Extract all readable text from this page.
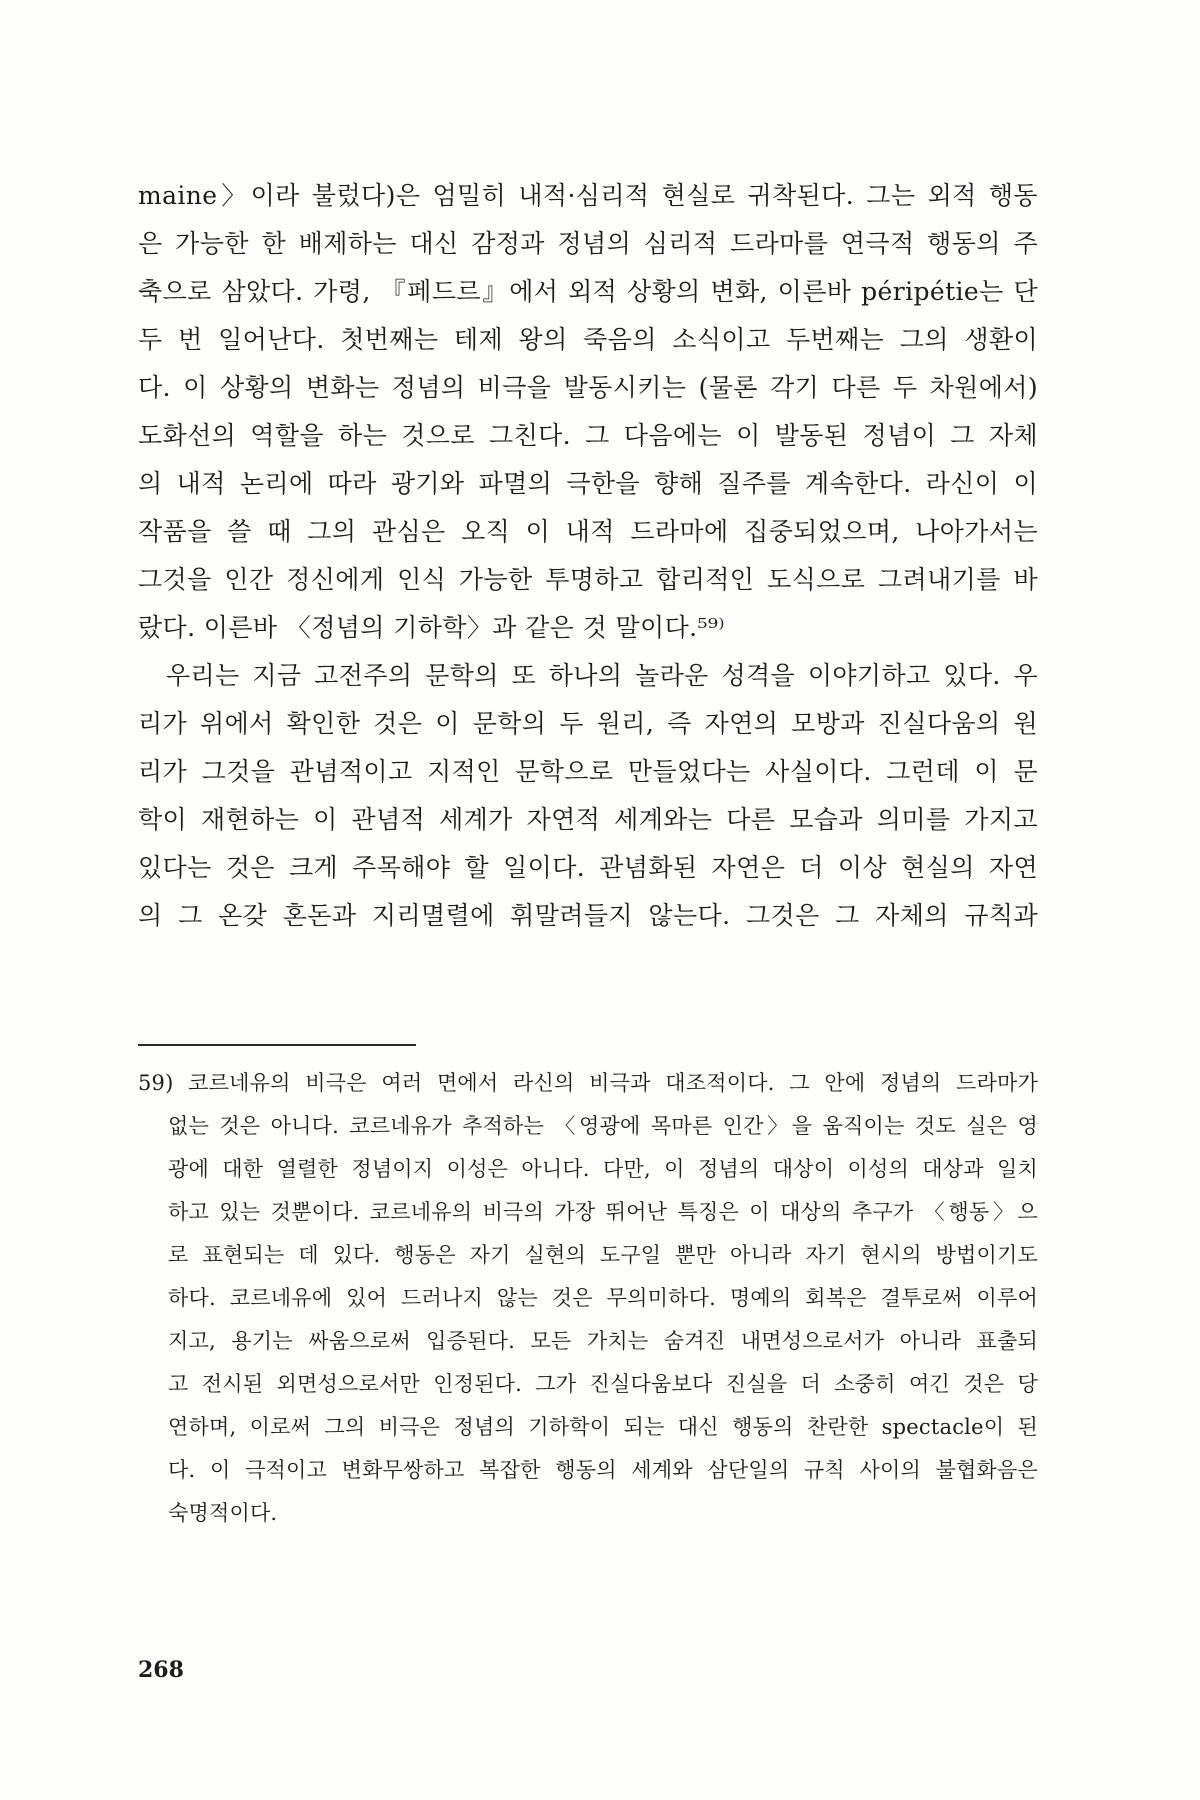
maine〉이라 불렀다)은 엄밀히 내적·심리적 현실로 귀착된다. 그는 외적 행동
은 가능한 한 배제하는 대신 감정과 정념의 심리적 드라마를 연극적 행동의 주
축으로 삼았다. 가령, 『페드르』에서 외적 상황의 변화, 이른바 péripétie는 단
두 번 일어난다. 첫번째는 테제 왕의 죽음의 소식이고 두번째는 그의 생환이
다. 이 상황의 변화는 정념의 비극을 발동시키는 (물론 각기 다른 두 차원에서)
도화선의 역할을 하는 것으로 그친다. 그 다음에는 이 발동된 정념이 그 자체
의 내적 논리에 따라 광기와 파멸의 극한을 향해 질주를 계속한다. 라신이 이
작품을 쓸 때 그의 관심은 오직 이 내적 드라마에 집중되었으며, 나아가서는
그것을 인간 정신에게 인식 가능한 투명하고 합리적인 도식으로 그려내기를 바
랐다. 이른바 〈정념의 기하학〉과 같은 것 말이다.⁵⁹⁾
우리는 지금 고전주의 문학의 또 하나의 놀라운 성격을 이야기하고 있다. 우
리가 위에서 확인한 것은 이 문학의 두 원리, 즉 자연의 모방과 진실다움의 원
리가 그것을 관념적이고 지적인 문학으로 만들었다는 사실이다. 그런데 이 문
학이 재현하는 이 관념적 세계가 자연적 세계와는 다른 모습과 의미를 가지고
있다는 것은 크게 주목해야 할 일이다. 관념화된 자연은 더 이상 현실의 자연
의 그 온갖 혼돈과 지리멸렬에 휘말려들지 않는다. 그것은 그 자체의 규칙과
59) 코르네유의 비극은 여러 면에서 라신의 비극과 대조적이다. 그 안에 정념의 드라마가
없는 것은 아니다. 코르네유가 추적하는 〈영광에 목마른 인간〉을 움직이는 것도 실은 영
광에 대한 열렬한 정념이지 이성은 아니다. 다만, 이 정념의 대상이 이성의 대상과 일치
하고 있는 것뿐이다. 코르네유의 비극의 가장 뛰어난 특징은 이 대상의 추구가 〈행동〉으
로 표현되는 데 있다. 행동은 자기 실현의 도구일 뿐만 아니라 자기 현시의 방법이기도
하다. 코르네유에 있어 드러나지 않는 것은 무의미하다. 명예의 회복은 결투로써 이루어
지고, 용기는 싸움으로써 입증된다. 모든 가치는 숨겨진 내면성으로서가 아니라 표출되
고 전시된 외면성으로서만 인정된다. 그가 진실다움보다 진실을 더 소중히 여긴 것은 당
연하며, 이로써 그의 비극은 정념의 기하학이 되는 대신 행동의 찬란한 spectacle이 된
다. 이 극적이고 변화무쌍하고 복잡한 행동의 세계와 삼단일의 규칙 사이의 불협화음은
숙명적이다.
268
